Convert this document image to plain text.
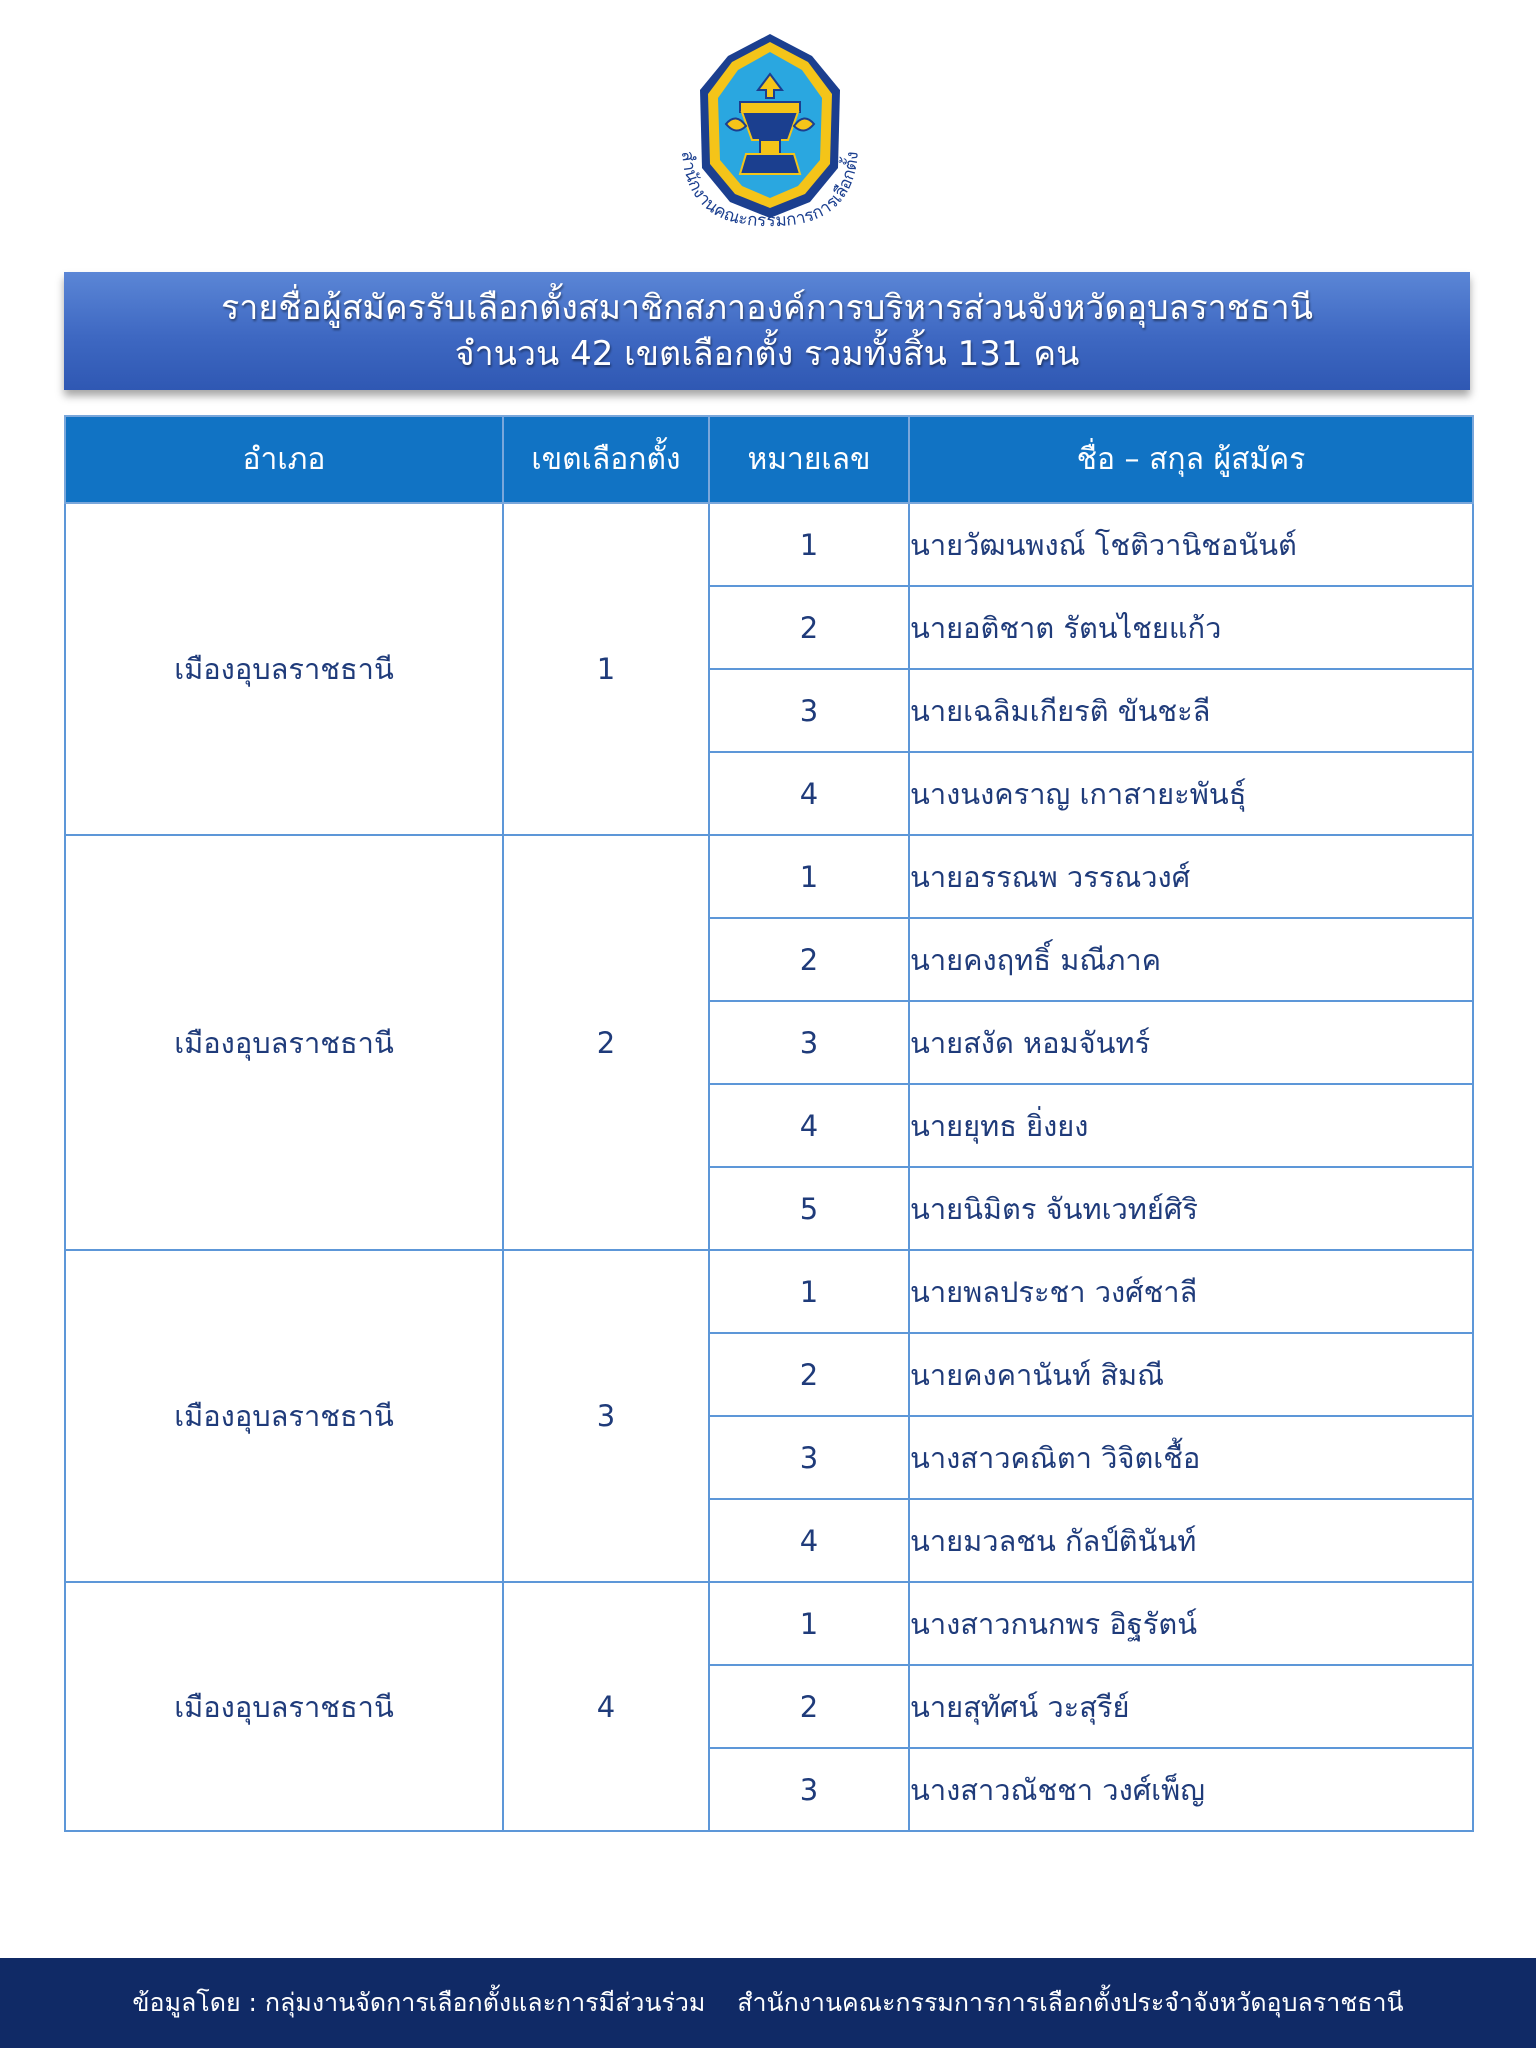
สำนักงานคณะกรรมการการเลือกตั้ง
รายชื่อผู้สมัครรับเลือกตั้งสมาชิกสภาองค์การบริหารส่วนจังหวัดอุบลราชธานี
จำนวน 42 เขตเลือกตั้ง รวมทั้งสิ้น 131 คน
อำเภอ	เขตเลือกตั้ง	หมายเลข	ชื่อ – สกุล ผู้สมัคร
เมืองอุบลราชธานี	1	1	นายวัฒนพงณ์ โชติวานิชอนันต์
		2	นายอติชาต รัตนไชยแก้ว
		3	นายเฉลิมเกียรติ ขันชะลี
		4	นางนงคราญ เกาสายะพันธุ์
เมืองอุบลราชธานี	2	1	นายอรรณพ วรรณวงศ์
		2	นายคงฤทธิ์ มณีภาค
		3	นายสงัด หอมจันทร์
		4	นายยุทธ ยิ่งยง
		5	นายนิมิตร จันทเวทย์ศิริ
เมืองอุบลราชธานี	3	1	นายพลประชา วงศ์ชาลี
		2	นายคงคานันท์ สิมณี
		3	นางสาวคณิตา วิจิตเชื้อ
		4	นายมวลชน กัลป์ตินันท์
เมืองอุบลราชธานี	4	1	นางสาวกนกพร อิฐรัตน์
		2	นายสุทัศน์ วะสุรีย์
		3	นางสาวณัชชา วงศ์เพ็ญ
ข้อมูลโดย : กลุ่มงานจัดการเลือกตั้งและการมีส่วนร่วม    สำนักงานคณะกรรมการการเลือกตั้งประจำจังหวัดอุบลราชธานี
